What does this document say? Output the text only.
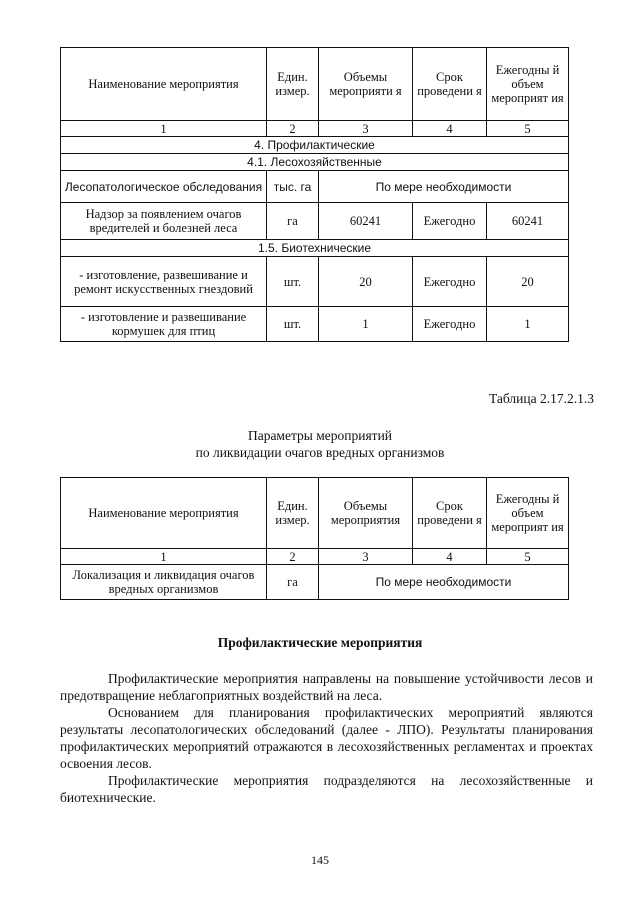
Наименование мероприятия	Един. измер.	Объемы мероприяти я	Срок проведени я	Ежегодны й объем мероприят ия
1	2	3	4	5
4. Профилактические				
4.1. Лесохозяйственные				
Лесопатологическое обследования	тыс. га	По мере необходимости		
Надзор за появлением очагов вредителей и болезней леса	га	60241	Ежегодно	60241
1.5. Биотехнические				
- изготовление, развешивание и ремонт искусственных гнездовий	шт.	20	Ежегодно	20
- изготовление и развешивание кормушек для птиц	шт.	1	Ежегодно	1
Таблица 2.17.2.1.3
Параметры мероприятий
по ликвидации очагов вредных организмов
Наименование мероприятия	Един. измер.	Объемы мероприятия	Срок проведени я	Ежегодны й объем мероприят ия
1	2	3	4	5
Локализация и ликвидация очагов вредных организмов	га	По мере необходимости		
Профилактические мероприятия

Профилактические мероприятия направлены на повышение устойчивости лесов и предотвращение неблагоприятных воздействий на леса.

Основанием для планирования профилактических мероприятий являются результаты лесопатологических обследований (далее - ЛПО). Результаты планирования профилактических мероприятий отражаются в лесохозяйственных регламентах и проектах освоения лесов.

Профилактические мероприятия подразделяются на лесохозяйственные и биотехнические.

145
